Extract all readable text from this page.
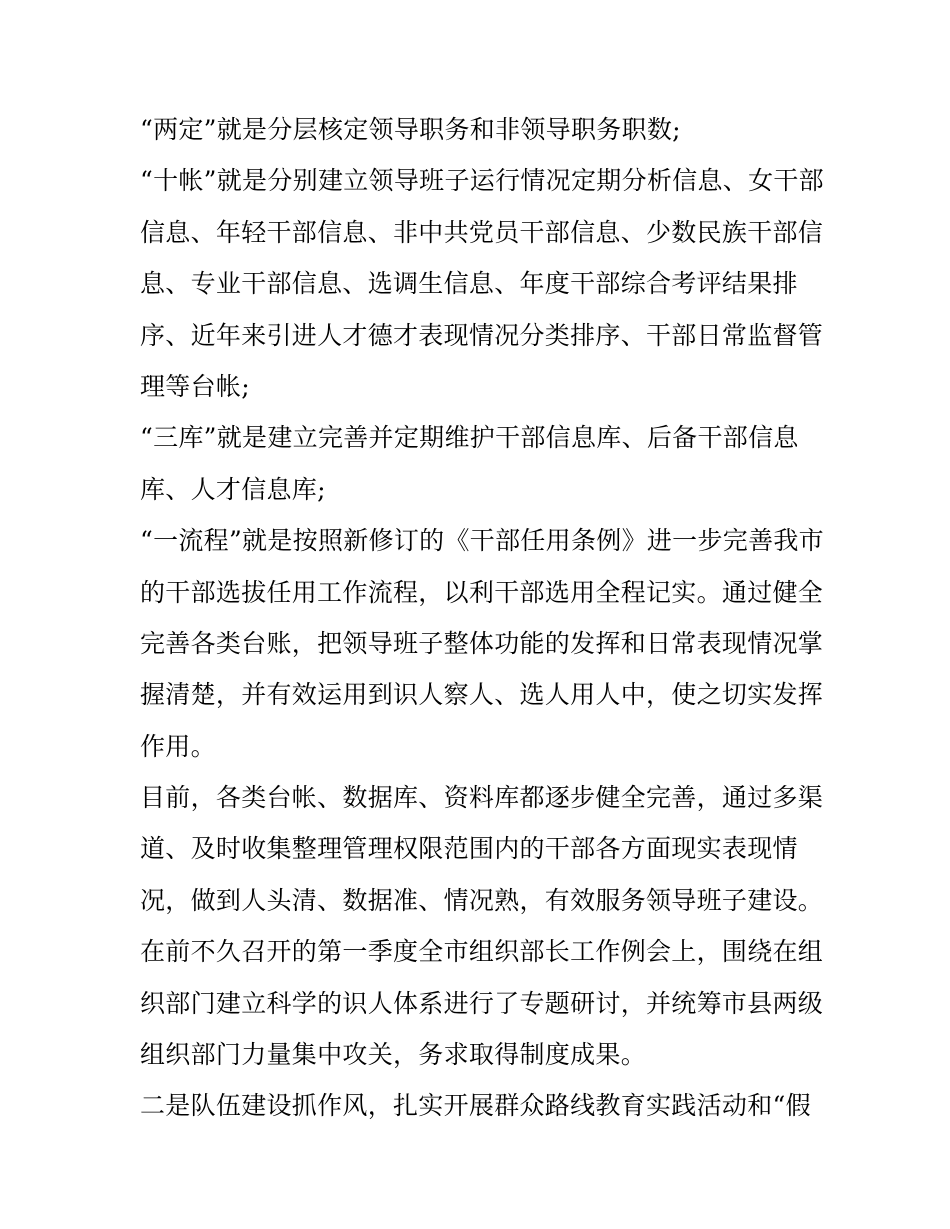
“两定”就是分层核定领导职务和非领导职务职数;
“十帐”就是分别建立领导班子运行情况定期分析信息、女干部
信息、年轻干部信息、非中共党员干部信息、少数民族干部信
息、专业干部信息、选调生信息、年度干部综合考评结果排
序、近年来引进人才德才表现情况分类排序、干部日常监督管
理等台帐;
“三库”就是建立完善并定期维护干部信息库、后备干部信息
库、人才信息库;
“一流程”就是按照新修订的《干部任用条例》进一步完善我市
的干部选拔任用工作流程，以利干部选用全程记实。通过健全
完善各类台账，把领导班子整体功能的发挥和日常表现情况掌
握清楚，并有效运用到识人察人、选人用人中，使之切实发挥
作用。
目前，各类台帐、数据库、资料库都逐步健全完善，通过多渠
道、及时收集整理管理权限范围内的干部各方面现实表现情
况，做到人头清、数据准、情况熟，有效服务领导班子建设。
在前不久召开的第一季度全市组织部长工作例会上，围绕在组
织部门建立科学的识人体系进行了专题研讨，并统筹市县两级
组织部门力量集中攻关，务求取得制度成果。
二是队伍建设抓作风，扎实开展群众路线教育实践活动和“假
